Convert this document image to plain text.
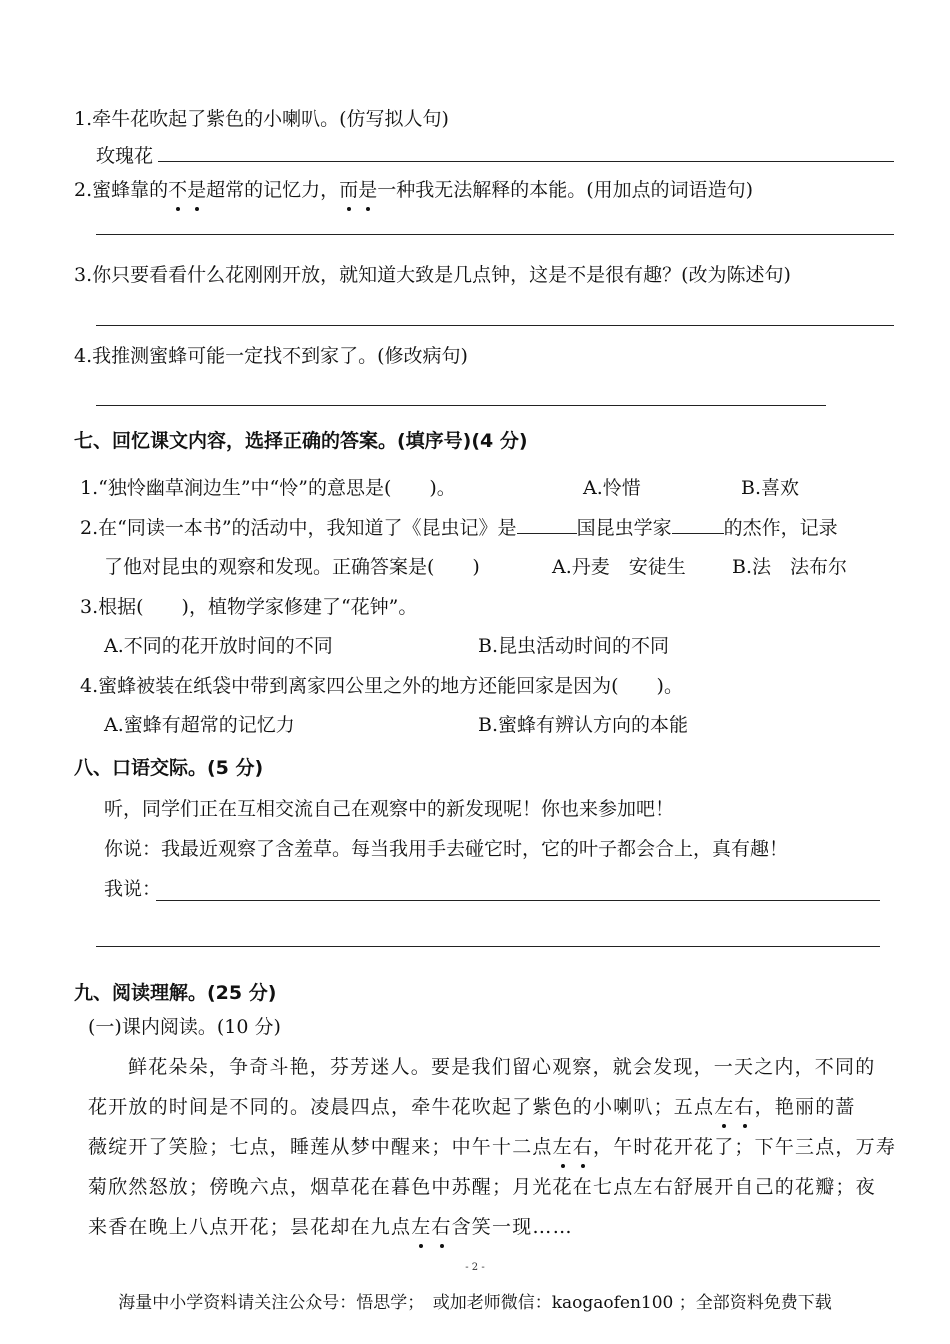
1.牵牛花吹起了紫色的小喇叭。(仿写拟人句)
玫瑰花
2.蜜蜂靠的不是超常的记忆力，而是一种我无法解释的本能。(用加点的词语造句)
3.你只要看看什么花刚刚开放，就知道大致是几点钟，这是不是很有趣？(改为陈述句)
4.我推测蜜蜂可能一定找不到家了。(修改病句)
七、回忆课文内容，选择正确的答案。(填序号)(4 分)
1.“独怜幽草涧边生”中“怜”的意思是(　　)。	A.怜惜	B.喜欢
2.在“同读一本书”的活动中，我知道了《昆虫记》是	国昆虫学家	的杰作，记录
了他对昆虫的观察和发现。正确答案是(　　)	A.丹麦　安徒生 B.法　法布尔
3.根据(　　)，植物学家修建了“花钟”。
A.不同的花开放时间的不同	B.昆虫活动时间的不同
4.蜜蜂被装在纸袋中带到离家四公里之外的地方还能回家是因为(　　)。
A.蜜蜂有超常的记忆力	B.蜜蜂有辨认方向的本能
八、口语交际。(5 分)
听，同学们正在互相交流自己在观察中的新发现呢！你也来参加吧！
你说：我最近观察了含羞草。每当我用手去碰它时，它的叶子都会合上，真有趣！
我说：
九、阅读理解。(25 分)
(一)课内阅读。(10 分)
鲜花朵朵，争奇斗艳，芬芳迷人。要是我们留心观察，就会发现，一天之内，不同的
花开放的时间是不同的。凌晨四点，牵牛花吹起了紫色的小喇叭；五点左右，艳丽的蔷
薇绽开了笑脸；七点，睡莲从梦中醒来；中午十二点左右，午时花开花了；下午三点，万寿
菊欣然怒放；傍晚六点，烟草花在暮色中苏醒；月光花在七点左右舒展开自己的花瓣；夜
来香在晚上八点开花；昙花却在九点左右含笑一现……
- 2 -
海量中小学资料请关注公众号：悟思学；　或加老师微信：kaogaofen100 ；全部资料免费下载
